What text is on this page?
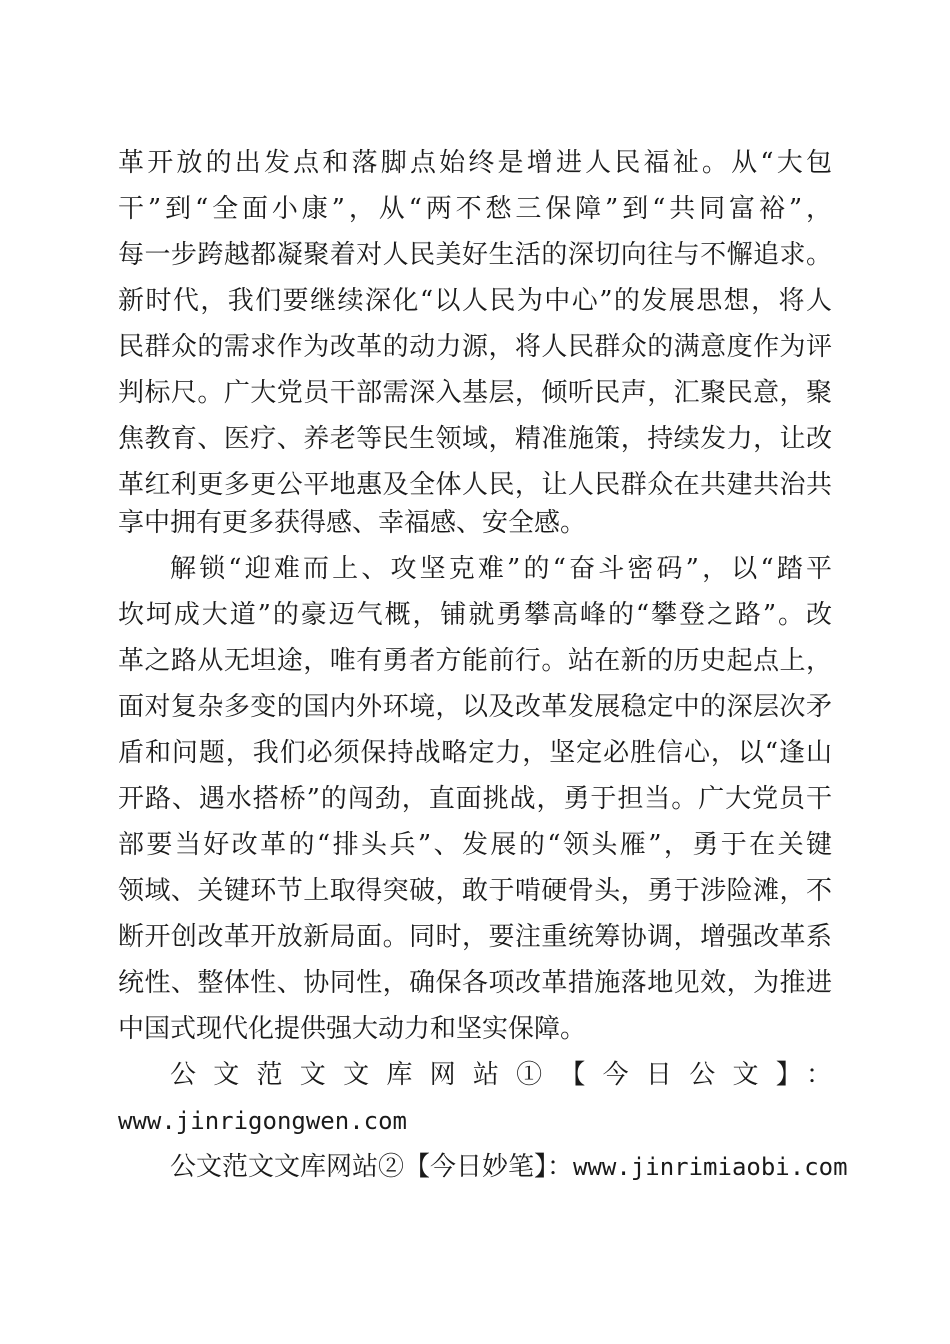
革开放的出发点和落脚点始终是增进人民福祉。从“大包
干”到“全面小康”，从“两不愁三保障”到“共同富裕”，
每一步跨越都凝聚着对人民美好生活的深切向往与不懈追求。
新时代，我们要继续深化“以人民为中心”的发展思想，将人
民群众的需求作为改革的动力源，将人民群众的满意度作为评
判标尺。广大党员干部需深入基层，倾听民声，汇聚民意，聚
焦教育、医疗、养老等民生领域，精准施策，持续发力，让改
革红利更多更公平地惠及全体人民，让人民群众在共建共治共
享中拥有更多获得感、幸福感、安全感。
解锁“迎难而上、攻坚克难”的“奋斗密码”，以“踏平
坎坷成大道”的豪迈气概，铺就勇攀高峰的“攀登之路”。改
革之路从无坦途，唯有勇者方能前行。站在新的历史起点上，
面对复杂多变的国内外环境，以及改革发展稳定中的深层次矛
盾和问题，我们必须保持战略定力，坚定必胜信心，以“逢山
开路、遇水搭桥”的闯劲，直面挑战，勇于担当。广大党员干
部要当好改革的“排头兵”、发展的“领头雁”，勇于在关键
领域、关键环节上取得突破，敢于啃硬骨头，勇于涉险滩，不
断开创改革开放新局面。同时，要注重统筹协调，增强改革系
统性、整体性、协同性，确保各项改革措施落地见效，为推进
中国式现代化提供强大动力和坚实保障。
公文范文文库网站①【今日公文】：
www.jinrigongwen.com
公文范文文库网站②【今日妙笔】：www.jinrimiaobi.com
